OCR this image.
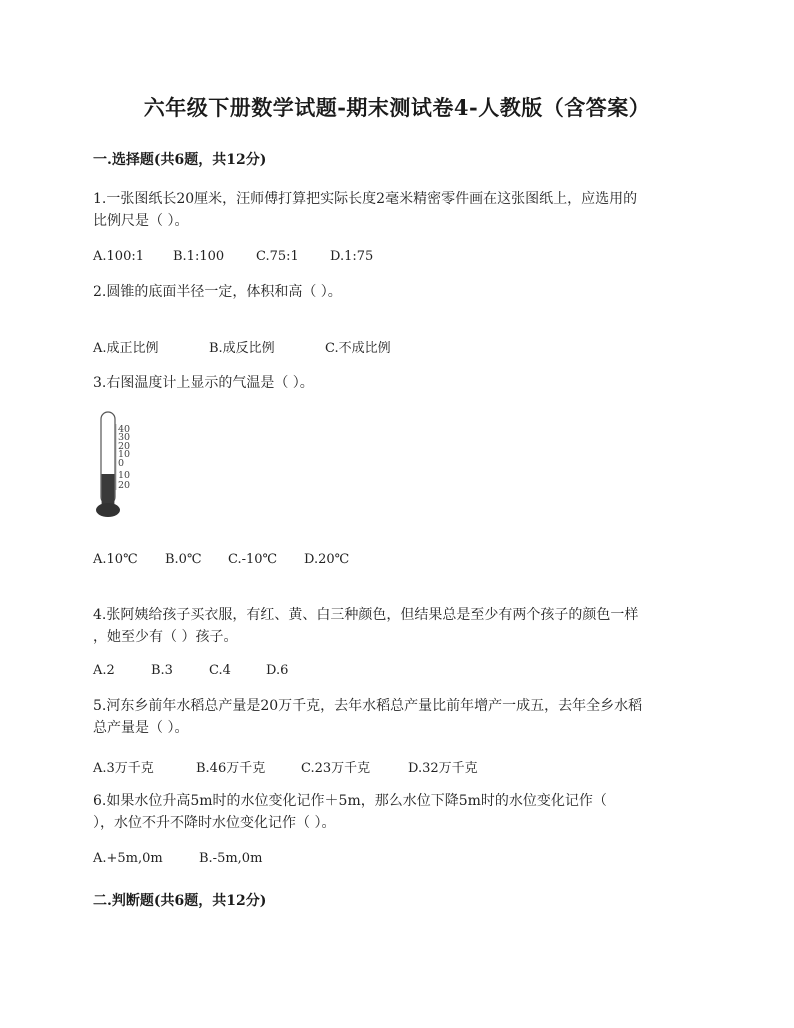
六年级下册数学试题-期末测试卷4-人教版（含答案）
一.选择题(共6题，共12分)
1.一张图纸长20厘米，汪师傅打算把实际长度2毫米精密零件画在这张图纸上，应选用的
比例尺是（ ）。
A.100:1 B.1:100 C.75:1 D.1:75
2.圆锥的底面半径一定，体积和高（ ）。
A.成正比例	B.成反比例	C.不成比例
3.右图温度计上显示的气温是（ ）。
40
30
20
10
0
10
20
A.10℃ B.0℃ C.-10℃ D.20℃
4.张阿姨给孩子买衣服，有红、黄、白三种颜色，但结果总是至少有两个孩子的颜色一样
，她至少有（ ）孩子。
A.2	B.3	C.4	D.6
5.河东乡前年水稻总产量是20万千克，去年水稻总产量比前年增产一成五，去年全乡水稻
总产量是（ ）。
A.3万千克	B.46万千克	C.23万千克	D.32万千克
6.如果水位升高5m时的水位变化记作＋5m，那么水位下降5m时的水位变化记作（
），水位不升不降时水位变化记作（ ）。
A.+5m,0m	B.-5m,0m
二.判断题(共6题，共12分)
